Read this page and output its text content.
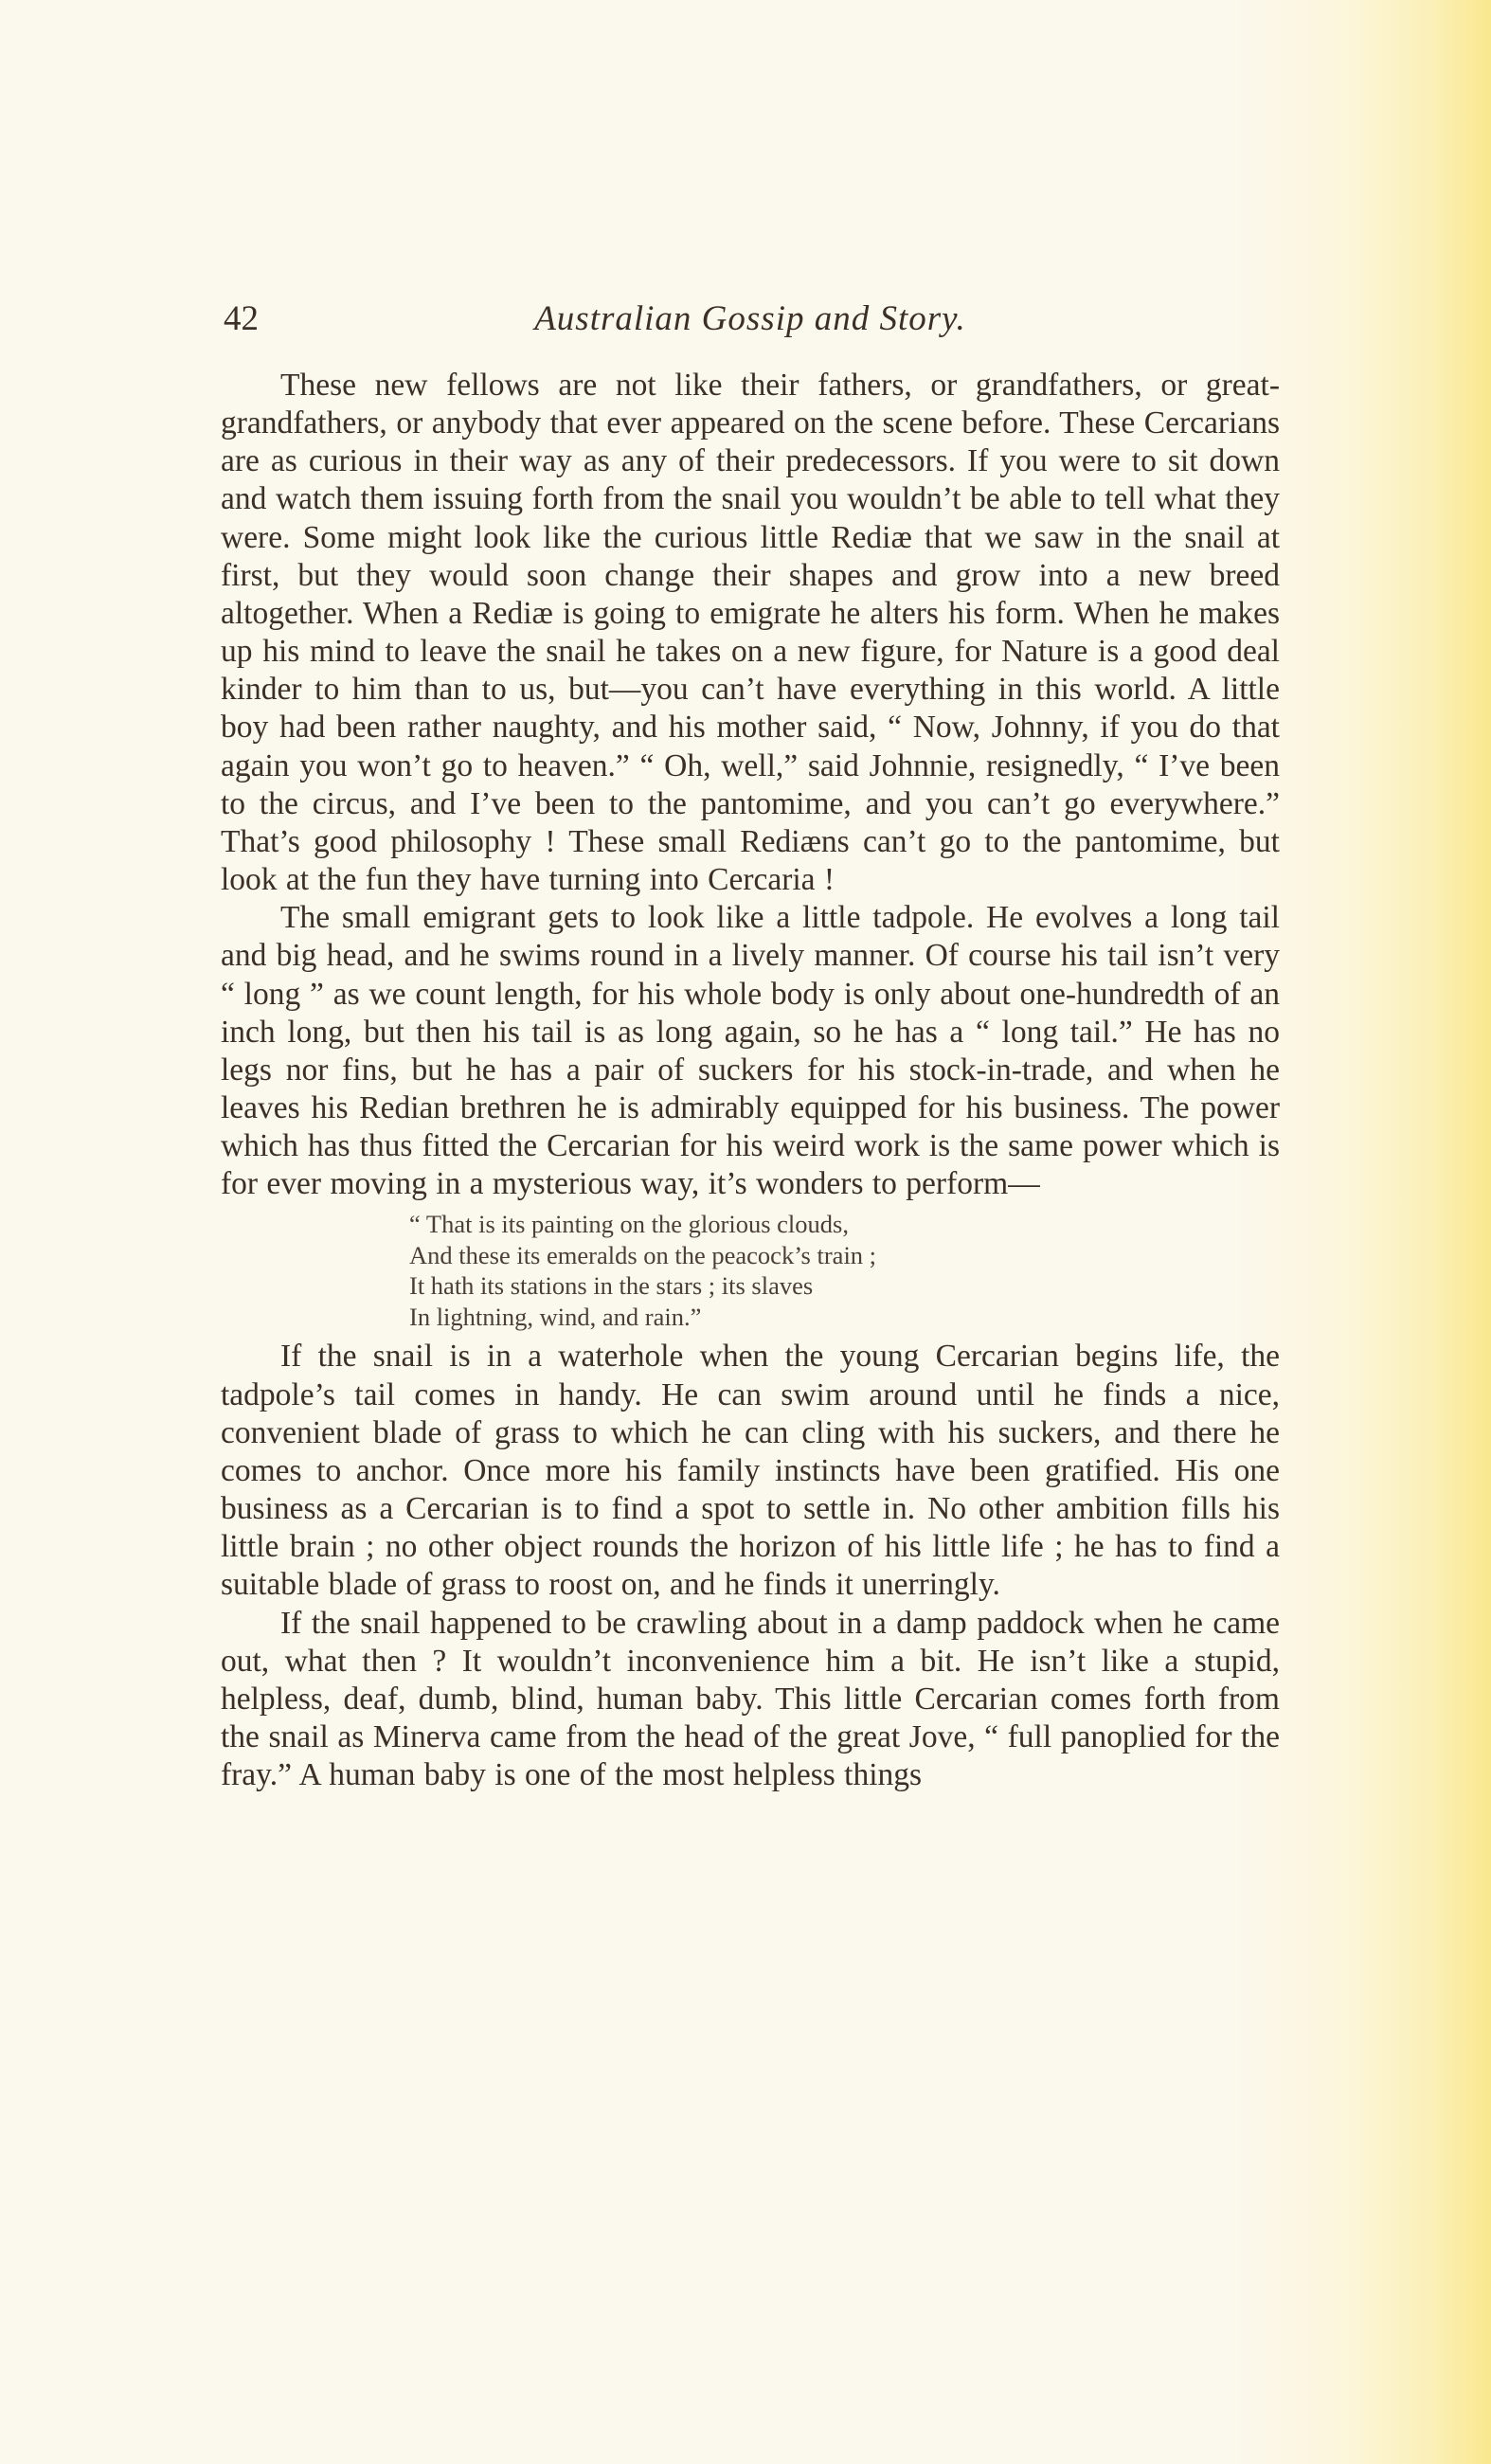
42	Australian Gossip and Story.

These new fellows are not like their fathers, or grandfathers, or great-grandfathers, or anybody that ever appeared on the scene before. These Cercarians are as curious in their way as any of their predecessors. If you were to sit down and watch them issuing forth from the snail you wouldn’t be able to tell what they were. Some might look like the curious little Rediæ that we saw in the snail at first, but they would soon change their shapes and grow into a new breed altogether. When a Rediæ is going to emigrate he alters his form. When he makes up his mind to leave the snail he takes on a new figure, for Nature is a good deal kinder to him than to us, but—you can’t have everything in this world. A little boy had been rather naughty, and his mother said, “ Now, Johnny, if you do that again you won’t go to heaven.” “ Oh, well,” said Johnnie, resignedly, “ I’ve been to the circus, and I’ve been to the pantomime, and you can’t go everywhere.” That’s good philosophy ! These small Rediæns can’t go to the pantomime, but look at the fun they have turning into Cercaria !

The small emigrant gets to look like a little tadpole. He evolves a long tail and big head, and he swims round in a lively manner. Of course his tail isn’t very “ long ” as we count length, for his whole body is only about one-hundredth of an inch long, but then his tail is as long again, so he has a “ long tail.” He has no legs nor fins, but he has a pair of suckers for his stock-in-trade, and when he leaves his Redian brethren he is admirably equipped for his business. The power which has thus fitted the Cercarian for his weird work is the same power which is for ever moving in a mysterious way, it’s wonders to perform—

“ That is its painting on the glorious clouds,
And these its emeralds on the peacock’s train ;
It hath its stations in the stars ; its slaves
In lightning, wind, and rain.”

If the snail is in a waterhole when the young Cercarian begins life, the tadpole’s tail comes in handy. He can swim around until he finds a nice, convenient blade of grass to which he can cling with his suckers, and there he comes to anchor. Once more his family instincts have been gratified. His one business as a Cercarian is to find a spot to settle in. No other ambition fills his little brain ; no other object rounds the horizon of his little life ; he has to find a suitable blade of grass to roost on, and he finds it unerringly.

If the snail happened to be crawling about in a damp paddock when he came out, what then ? It wouldn’t inconvenience him a bit. He isn’t like a stupid, helpless, deaf, dumb, blind, human baby. This little Cercarian comes forth from the snail as Minerva came from the head of the great Jove, “ full panoplied for the fray.” A human baby is one of the most helpless things
